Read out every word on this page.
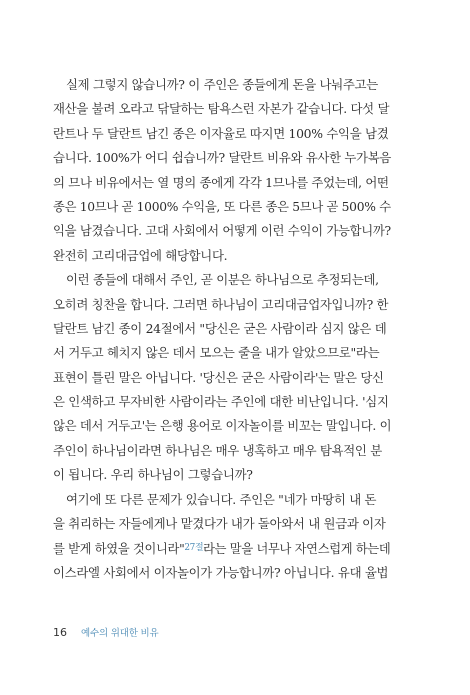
실제 그렇지 않습니까? 이 주인은 종들에게 돈을 나눠주고는
재산을 불려 오라고 닦달하는 탐욕스런 자본가 같습니다. 다섯 달
란트나 두 달란트 남긴 종은 이자율로 따지면 100% 수익을 남겼
습니다. 100%가 어디 쉽습니까? 달란트 비유와 유사한 누가복음
의 므나 비유에서는 열 명의 종에게 각각 1므나를 주었는데, 어떤
종은 10므나 곧 1000% 수익을, 또 다른 종은 5므나 곧 500% 수
익을 남겼습니다. 고대 사회에서 어떻게 이런 수익이 가능합니까?
완전히 고리대금업에 해당합니다.
이런 종들에 대해서 주인, 곧 이분은 하나님으로 추정되는데,
오히려 칭찬을 합니다. 그러면 하나님이 고리대금업자입니까? 한
달란트 남긴 종이 24절에서 "당신은 굳은 사람이라 심지 않은 데
서 거두고 헤치지 않은 데서 모으는 줄을 내가 알았으므로"라는
표현이 틀린 말은 아닙니다. '당신은 굳은 사람이라'는 말은 당신
은 인색하고 무자비한 사람이라는 주인에 대한 비난입니다. '심지
않은 데서 거두고'는 은행 용어로 이자놀이를 비꼬는 말입니다. 이
주인이 하나님이라면 하나님은 매우 냉혹하고 매우 탐욕적인 분
이 됩니다. 우리 하나님이 그렇습니까?
여기에 또 다른 문제가 있습니다. 주인은 "네가 마땅히 내 돈
을 취리하는 자들에게나 맡겼다가 내가 돌아와서 내 원금과 이자
를 받게 하였을 것이니라"$^{27절}$라는 말을 너무나 자연스럽게 하는데
이스라엘 사회에서 이자놀이가 가능합니까? 아닙니다. 유대 율법
16 예수의 위대한 비유
